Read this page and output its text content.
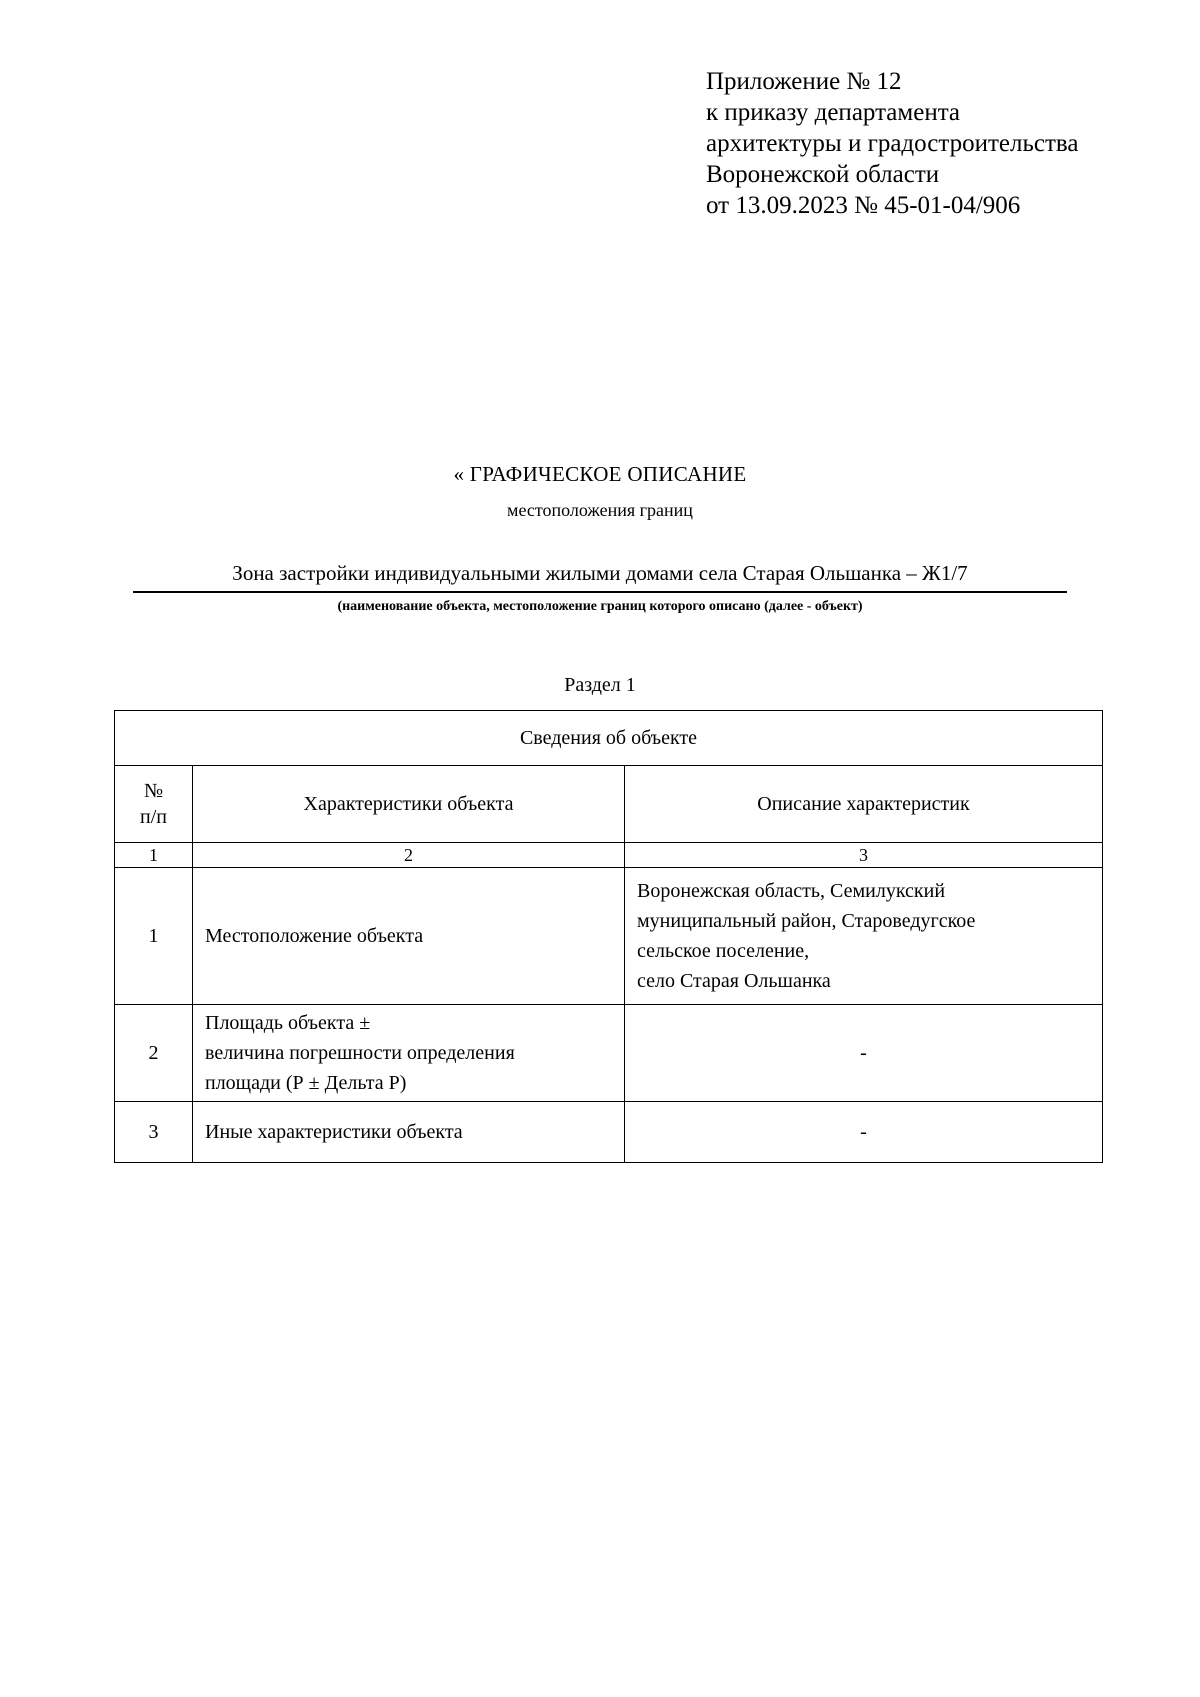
Приложение № 12
к приказу департамента
архитектуры и градостроительства
Воронежской области
от 13.09.2023 № 45-01-04/906
« ГРАФИЧЕСКОЕ ОПИСАНИЕ
местоположения границ
Зона застройки индивидуальными жилыми домами села Старая Ольшанка – Ж1/7
(наименование объекта, местоположение границ которого описано (далее - объект)
Раздел 1
Сведения об объекте		
№
п/п	Характеристики объекта	Описание характеристик
1	2	3
1	Местоположение объекта	Воронежская область, Семилукский
муниципальный район, Староведугское
сельское поселение,
село Старая Ольшанка
2	Площадь объекта ±
величина погрешности определения
площади (Р ± Дельта Р)	-
3	Иные характеристики объекта	-
